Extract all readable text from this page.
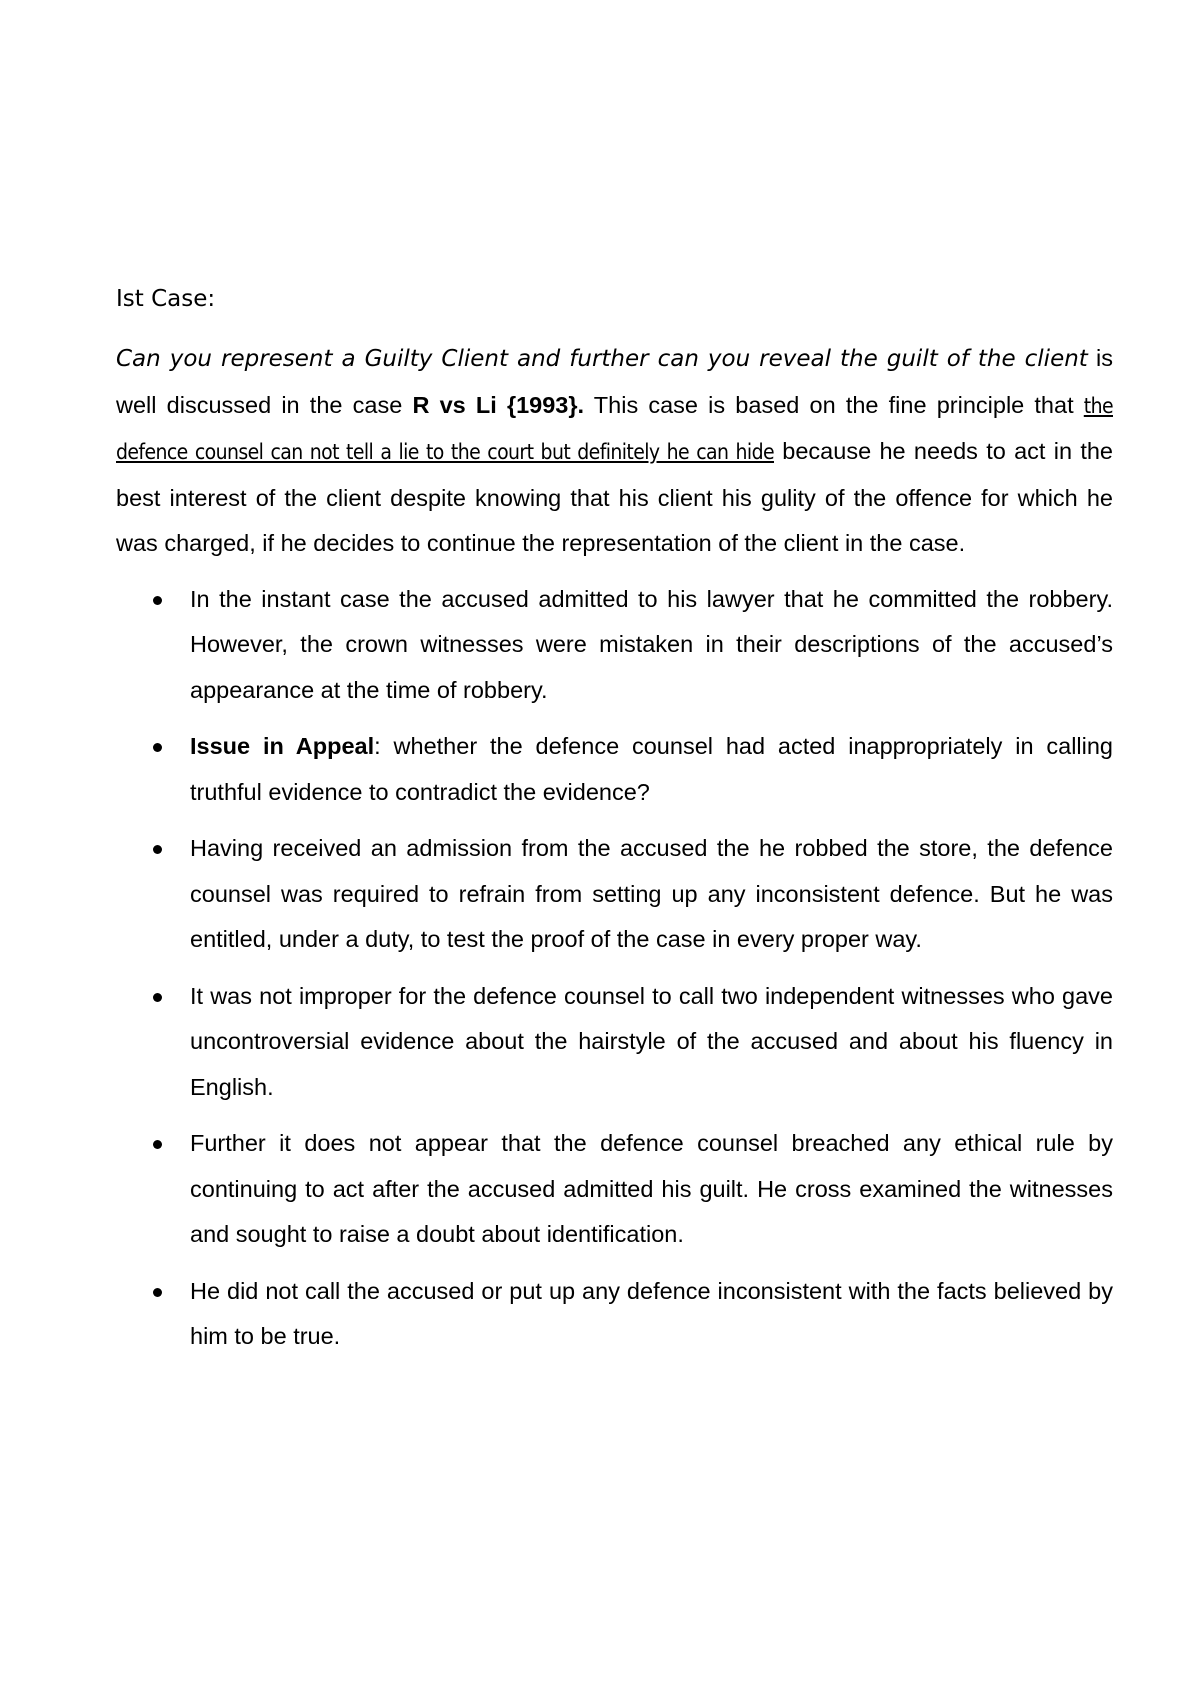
Ist Case:

Can you represent a Guilty Client and further can you reveal the guilt of the client is well discussed in the case R vs Li {1993}. This case is based on the fine principle that the defence counsel can not tell a lie to the court but definitely he can hide because he needs to act in the best interest of the client despite knowing that his client his gulity of the offence for which he was charged, if he decides to continue the representation of the client in the case.

In the instant case the accused admitted to his lawyer that he committed the robbery. However, the crown witnesses were mistaken in their descriptions of the accused’s appearance at the time of robbery.
Issue in Appeal: whether the defence counsel had acted inappropriately in calling truthful evidence to contradict the evidence?
Having received an admission from the accused the he robbed the store, the defence counsel was required to refrain from setting up any inconsistent defence. But he was entitled, under a duty, to test the proof of the case in every proper way.
It was not improper for the defence counsel to call two independent witnesses who gave uncontroversial evidence about the hairstyle of the accused and about his fluency in English.
Further it does not appear that the defence counsel breached any ethical rule by continuing to act after the accused admitted his guilt. He cross examined the witnesses and sought to raise a doubt about identification.
He did not call the accused or put up any defence inconsistent with the facts believed by him to be true.
